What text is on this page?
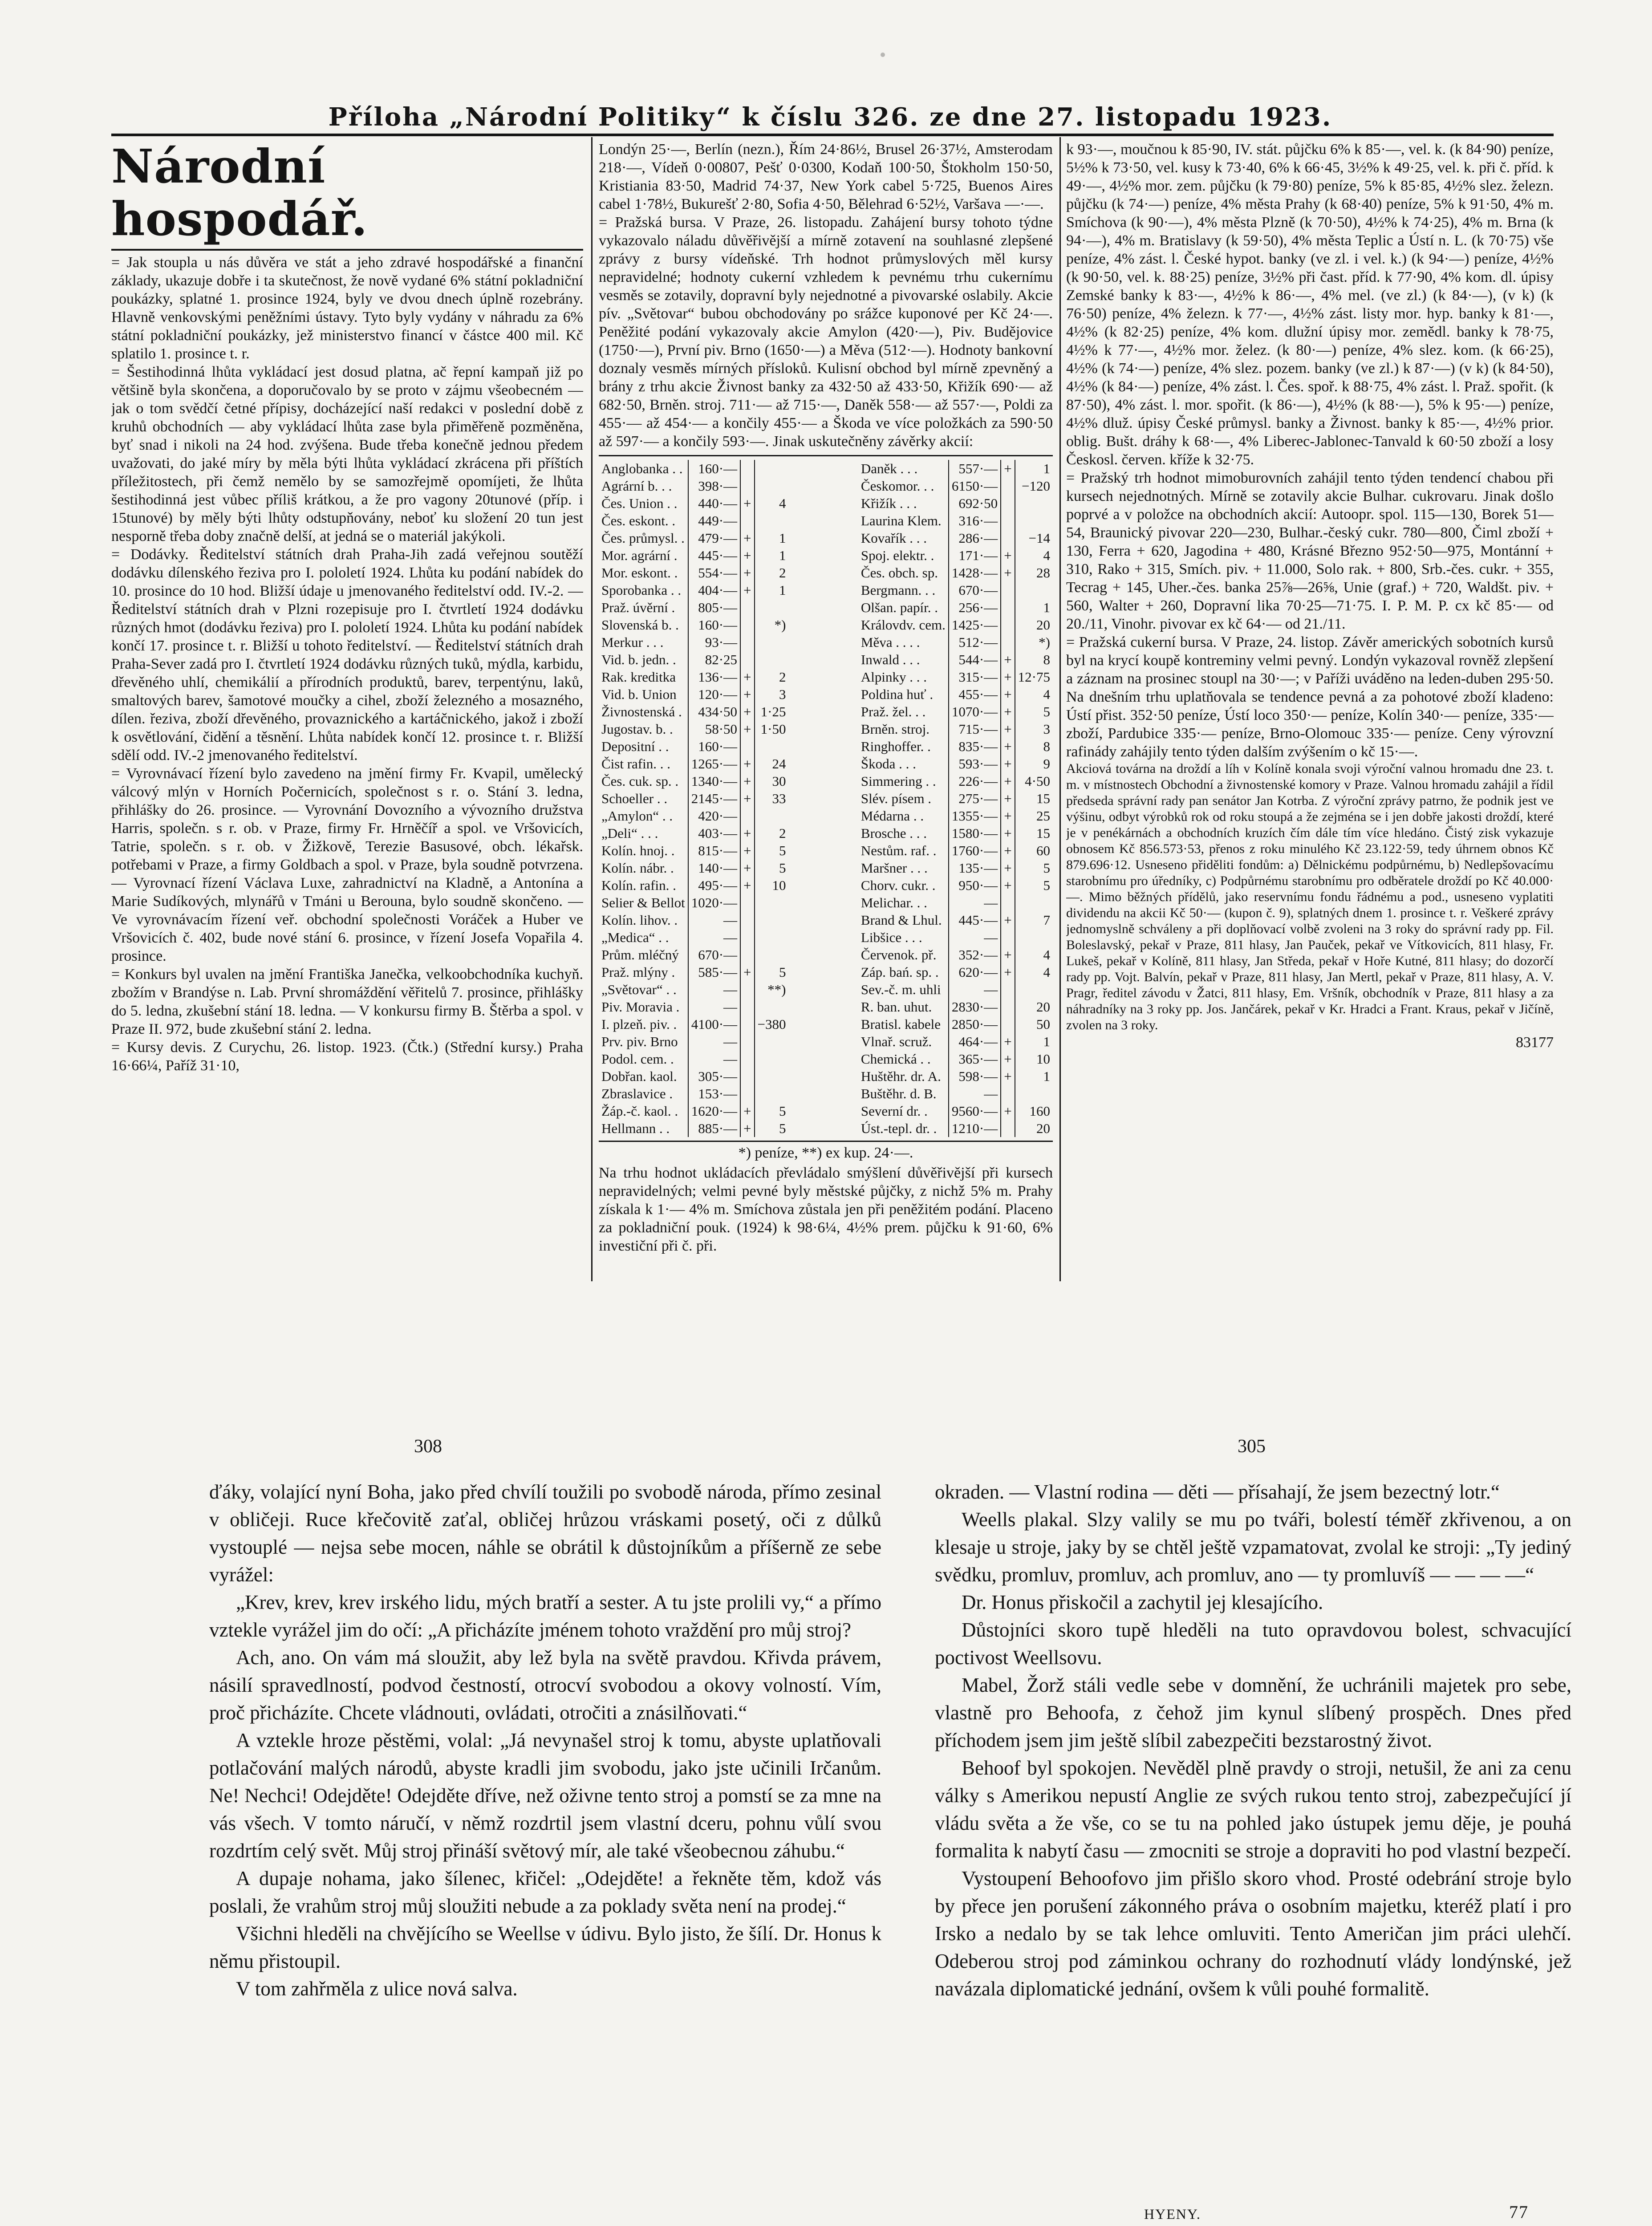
Příloha „Národní Politiky“ k číslu 326. ze dne 27. listopadu 1923.
Národní hospodář.

= Jak stoupla u nás důvěra ve stát a jeho zdravé hospodářské a finanční základy, ukazuje dobře i ta skutečnost, že nově vydané 6% státní pokladniční poukázky, splatné 1. prosince 1924, byly ve dvou dnech úplně rozebrány. Hlavně venkovskými peněžními ústavy. Tyto byly vydány v náhradu za 6% státní pokladniční poukázky, jež ministerstvo financí v částce 400 mil. Kč splatilo 1. prosince t. r.

= Šestihodinná lhůta vykládací jest dosud platna, ač řepní kampaň již po většině byla skončena, a doporučovalo by se proto v zájmu všeobecném — jak o tom svědčí četné přípisy, docházející naší redakci v poslední době z kruhů obchodních — aby vykládací lhůta zase byla přiměřeně pozměněna, byť snad i nikoli na 24 hod. zvýšena. Bude třeba konečně jednou předem uvažovati, do jaké míry by měla býti lhůta vykládací zkrácena při příštích příležitostech, při čemž nemělo by se samozřejmě opomíjeti, že lhůta šestihodinná jest vůbec příliš krátkou, a že pro vagony 20tunové (příp. i 15tunové) by měly býti lhůty odstupňovány, neboť ku složení 20 tun jest nesporně třeba doby značně delší, at jedná se o materiál jakýkoli.

= Dodávky. Ředitelství státních drah Praha-Jih zadá veřejnou soutěží dodávku dílenského řeziva pro I. pololetí 1924. Lhůta ku podání nabídek do 10. prosince do 10 hod. Bližší údaje u jmenovaného ředitelství odd. IV.-2. — Ředitelství státních drah v Plzni rozepisuje pro I. čtvrtletí 1924 dodávku různých hmot (dodávku řeziva) pro I. pololetí 1924. Lhůta ku podání nabídek končí 17. prosince t. r. Bližší u tohoto ředitelství. — Ředitelství státních drah Praha-Sever zadá pro I. čtvrtletí 1924 dodávku různých tuků, mýdla, karbidu, dřevěného uhlí, chemikálií a přírodních produktů, barev, terpentýnu, laků, smaltových barev, šamotové moučky a cihel, zboží železného a mosazného, dílen. řeziva, zboží dřevěného, provaznického a kartáčnického, jakož i zboží k osvětlování, čidění a těsnění. Lhůta nabídek končí 12. prosince t. r. Bližší sdělí odd. IV.-2 jmenovaného ředitelství.

= Vyrovnávací řízení bylo zavedeno na jmění firmy Fr. Kvapil, umělecký válcový mlýn v Horních Počernicích, společnost s r. o. Stání 3. ledna, přihlášky do 26. prosince. — Vyrovnání Dovozního a vývozního družstva Harris, společn. s r. ob. v Praze, firmy Fr. Hrněčíř a spol. ve Vršovicích, Tatrie, společn. s r. ob. v Žižkově, Terezie Basusové, obch. lékařsk. potřebami v Praze, a firmy Goldbach a spol. v Praze, byla soudně potvrzena. — Vyrovnací řízení Václava Luxe, zahradnictví na Kladně, a Antonína a Marie Sudíkových, mlynářů v Tmáni u Berouna, bylo soudně skončeno. — Ve vyrovnávacím řízení veř. obchodní společnosti Voráček a Huber ve Vršovicích č. 402, bude nové stání 6. prosince, v řízení Josefa Vopařila 4. prosince.

= Konkurs byl uvalen na jmění Františka Janečka, velkoobchodníka kuchyň. zbožím v Brandýse n. Lab. První shromáždění věřitelů 7. prosince, přihlášky do 5. ledna, zkušební stání 18. ledna. — V konkursu firmy B. Štěrba a spol. v Praze II. 972, bude zkušební stání 2. ledna.

= Kursy devis. Z Curychu, 26. listop. 1923. (Čtk.) (Střední kursy.) Praha 16·66¼, Paříž 31·10,

Londýn 25·—, Berlín (nezn.), Řím 24·86½, Brusel 26·37½, Amsterodam 218·—, Vídeň 0·00807, Pešť 0·0300, Kodaň 100·50, Štokholm 150·50, Kristiania 83·50, Madrid 74·37, New York cabel 5·725, Buenos Aires cabel 1·78½, Bukurešť 2·80, Sofia 4·50, Bělehrad 6·52½, Varšava —·—.

= Pražská bursa. V Praze, 26. listopadu. Zahájení bursy tohoto týdne vykazovalo náladu důvěřivější a mírně zotavení na souhlasné zlepšené zprávy z bursy vídeňské. Trh hodnot průmyslových měl kursy nepravidelné; hodnoty cukerní vzhledem k pevnému trhu cukernímu vesměs se zotavily, dopravní byly nejednotné a pivovarské oslabily. Akcie pív. „Světovar“ bubou obchodovány po srážce kuponové per Kč 24·—. Peněžité podání vykazovaly akcie Amylon (420·—), Piv. Budějovice (1750·—), První piv. Brno (1650·—) a Měva (512·—). Hodnoty bankovní doznaly vesměs mírných přísloků. Kulisní obchod byl mírně zpevněný a brány z trhu akcie Živnost banky za 432·50 až 433·50, Křižík 690·— až 682·50, Brněn. stroj. 711·— až 715·—, Daněk 558·— až 557·—, Poldi za 455·— až 454·— a končily 455·— a Škoda ve více položkách za 590·50 až 597·— a končily 593·—. Jinak uskutečněny závěrky akcií:

Anglobanka . .	160·—		
Agrární b. . .	398·—		
Čes. Union . .	440·—	+	4
Čes. eskont. .	449·—		
Čes. průmysl. .	479·—	+	1
Mor. agrární .	445·—	+	1
Mor. eskont. .	554·—	+	2
Sporobanka . .	404·—	+	1
Praž. úvěrní .	805·—		
Slovenská b. .	160·—		*)
Merkur . . .	93·—		
Vid. b. jedn. .	82·25		
Rak. kreditka	136·—	+	2
Vid. b. Union	120·—	+	3
Živnostenská .	434·50	+	1·25
Jugostav. b. .	58·50	+	1·50
Depositní . .	160·—		
Čist rafin. . .	1265·—	+	24
Čes. cuk. sp. .	1340·—	+	30
Schoeller . .	2145·—	+	33
„Amylon“ . .	420·—		
„Deli“ . . .	403·—	+	2
Kolín. hnoj. .	815·—	+	5
Kolín. nábr. .	140·—	+	5
Kolín. rafin. .	495·—	+	10
Selier & Bellot	1020·—		
Kolín. lihov. .	—		
„Medica“ . .	—		
Prům. mléčný	670·—		
Praž. mlýny .	585·—	+	5
„Světovar“ . .	—		**)
Piv. Moravia .	—		
I. plzeň. piv. .	4100·—		−380
Prv. piv. Brno	—		
Podol. cem. .	—		
Dobřan. kaol.	305·—		
Zbraslavice .	153·—		
Žáp.-č. kaol. .	1620·—	+	5
Hellmann . .	885·—	+	5
Daněk . . .	557·—	+	1
Českomor. . .	6150·—		−120
Křižík . . .	692·50		
Laurina Klem.	316·—		
Kovařík . . .	286·—		−14
Spoj. elektr. .	171·—	+	4
Čes. obch. sp.	1428·—	+	28
Bergmann. . .	670·—		
Olšan. papír. .	256·—		1
Královdv. cem.	1425·—		20
Měva . . . .	512·—		*)
Inwald . . .	544·—	+	8
Alpinky . . .	315·—	+	12·75
Poldina huť .	455·—	+	4
Praž. žel. . .	1070·—	+	5
Brněn. stroj.	715·—	+	3
Ringhoffer. .	835·—	+	8
Škoda . . .	593·—	+	9
Simmering . .	226·—	+	4·50
Slév. písem .	275·—	+	15
Médarna . .	1355·—	+	25
Brosche . . .	1580·—	+	15
Nestům. raf. .	1760·—	+	60
Maršner . . .	135·—	+	5
Chorv. cukr. .	950·—	+	5
Melichar. . .	—		
Brand & Lhul.	445·—	+	7
Libšice . . .	—		
Červenok. př.	352·—	+	4
Záp. bań. sp. .	620·—	+	4
Sev.-č. m. uhli	—		
R. ban. uhut.	2830·—		20
Bratisl. kabele	2850·—		50
Vlnař. scruž.	464·—	+	1
Chemická . .	365·—	+	10
Huštěhr. dr. A.	598·—	+	1
Buštěhr. d. B.	—		
Severní dr. .	9560·—	+	160
Úst.-tepl. dr. .	1210·—		20

*) peníze, **) ex kup. 24·—.

Na trhu hodnot ukládacích převládalo smýšlení důvěřivější při kursech nepravidelných; velmi pevné byly městské půjčky, z nichž 5% m. Prahy získala k 1·— 4% m. Smíchova zůstala jen při peněžitém podání. Placeno za pokladniční pouk. (1924) k 98·6¼, 4½% prem. půjčku k 91·60, 6% investiční při č. při.

k 93·—, moučnou k 85·90, IV. stát. půjčku 6% k 85·—, vel. k. (k 84·90) peníze, 5½% k 73·50, vel. kusy k 73·40, 6% k 66·45, 3½% k 49·25, vel. k. při č. příd. k 49·—, 4½% mor. zem. půjčku (k 79·80) peníze, 5% k 85·85, 4½% slez. železn. půjčku (k 74·—) peníze, 4% města Prahy (k 68·40) peníze, 5% k 91·50, 4% m. Smíchova (k 90·—), 4% města Plzně (k 70·50), 4½% k 74·25), 4% m. Brna (k 94·—), 4% m. Bratislavy (k 59·50), 4% města Teplic a Ústí n. L. (k 70·75) vše peníze, 4% zást. l. České hypot. banky (ve zl. i vel. k.) (k 94·—) peníze, 4½% (k 90·50, vel. k. 88·25) peníze, 3½% při čast. příd. k 77·90, 4% kom. dl. úpisy Zemské banky k 83·—, 4½% k 86·—, 4% mel. (ve zl.) (k 84·—), (v k) (k 76·50) peníze, 4% železn. k 77·—, 4½% zást. listy mor. hyp. banky k 81·—, 4½% (k 82·25) peníze, 4% kom. dlužní úpisy mor. zemědl. banky k 78·75, 4½% k 77·—, 4½% mor. želez. (k 80·—) peníze, 4% slez. kom. (k 66·25), 4½% (k 74·—) peníze, 4% slez. pozem. banky (ve zl.) k 87·—) (v k) (k 84·50), 4½% (k 84·—) peníze, 4% zást. l. Čes. spoř. k 88·75, 4% zást. l. Praž. spořit. (k 87·50), 4% zást. l. mor. spořit. (k 86·—), 4½% (k 88·—), 5% k 95·—) peníze, 4½% dluž. úpisy České průmysl. banky a Živnost. banky k 85·—, 4½% prior. oblig. Bušt. dráhy k 68·—, 4% Liberec-Jablonec-Tanvald k 60·50 zboží a losy Českosl. červen. kříže k 32·75.

= Pražský trh hodnot mimoburovních zahájil tento týden tendencí chabou při kursech nejednotných. Mírně se zotavily akcie Bulhar. cukrovaru. Jinak došlo poprvé a v položce na obchodních akcií: Autoopr. spol. 115—130, Borek 51—54, Braunický pivovar 220—230, Bulhar.-český cukr. 780—800, Čiml zboží + 130, Ferra + 620, Jagodina + 480, Krásné Březno 952·50—975, Montánní + 310, Rako + 315, Smích. piv. + 11.000, Solo rak. + 800, Srb.-čes. cukr. + 355, Tecrag + 145, Uher.-čes. banka 25⅞—26⅝, Unie (graf.) + 720, Waldšt. piv. + 560, Walter + 260, Dopravní lika 70·25—71·75. I. P. M. P. cx kč 85·— od 20./11, Vinohr. pivovar ex kč 64·— od 21./11.

= Pražská cukerní bursa. V Praze, 24. listop. Závěr amerických sobotních kursů byl na krycí koupě kontreminy velmi pevný. Londýn vykazoval rovněž zlepšení a záznam na prosinec stoupl na 30·—; v Paříži uváděno na leden-duben 295·50. Na dnešním trhu uplatňovala se tendence pevná a za pohotové zboží kladeno: Ústí přist. 352·50 peníze, Ústí loco 350·— peníze, Kolín 340·— peníze, 335·— zboží, Pardubice 335·— peníze, Brno-Olomouc 335·— peníze. Ceny výrovzní rafinády zahájily tento týden dalším zvýšením o kč 15·—.

Akciová továrna na droždí a líh v Kolíně konala svoji výroční valnou hromadu dne 23. t. m. v místnostech Obchodní a živnostenské komory v Praze. Valnou hromadu zahájil a řídil předseda správní rady pan senátor Jan Kotrba. Z výroční zprávy patrno, že podnik jest ve výšinu, odbyt výrobků rok od roku stoupá a že zejména se i jen dobře jakosti droždí, které je v penékárnách a obchodních kruzích čím dále tím více hledáno. Čistý zisk vykazuje obnosem Kč 856.573·53, přenos z roku minulého Kč 23.122·59, tedy úhrnem obnos Kč 879.696·12. Usneseno přiděliti fondům: a) Dělnickému podpůrnému, b) Nedlepšovacímu starobnímu pro úředníky, c) Podpůrnému starobnímu pro odběratele droždí po Kč 40.000·—. Mimo běžných přídělů, jako reservnímu fondu řádnému a pod., usneseno vyplatiti dividendu na akcii Kč 50·— (kupon č. 9), splatných dnem 1. prosince t. r. Veškeré zprávy jednomyslně schváleny a při doplňovací volbě zvoleni na 3 roky do správní rady pp. Fil. Boleslavský, pekař v Praze, 811 hlasy, Jan Pauček, pekař ve Vítkovicích, 811 hlasy, Fr. Lukeš, pekař v Kolíně, 811 hlasy, Jan Středa, pekař v Hoře Kutné, 811 hlasy; do dozorčí rady pp. Vojt. Balvín, pekař v Praze, 811 hlasy, Jan Mertl, pekař v Praze, 811 hlasy, A. V. Pragr, ředitel závodu v Žatci, 811 hlasy, Em. Vršník, obchodník v Praze, 811 hlasy a za náhradníky na 3 roky pp. Jos. Jančárek, pekař v Kr. Hradci a Frant. Kraus, pekař v Jičíně, zvolen na 3 roky.

83177
308	305

ďáky, volající nyní Boha, jako před chvílí toužili po svobodě národa, přímo zesinal v obličeji. Ruce křečovitě zaťal, obličej hrůzou vráskami posetý, oči z důlků vystouplé — nejsa sebe mocen, náhle se obrátil k důstojníkům a příšerně ze sebe vyrážel:

„Krev, krev, krev irského lidu, mých bratří a sester. A tu jste prolili vy,“ a přímo vztekle vyrážel jim do očí: „A přicházíte jménem tohoto vraždění pro můj stroj?

Ach, ano. On vám má sloužit, aby lež byla na světě pravdou. Křivda právem, násilí spravedlností, podvod čestností, otrocví svobodou a okovy volností. Vím, proč přicházíte. Chcete vládnouti, ovládati, otročiti a znásilňovati.“

A vztekle hroze pěstěmi, volal: „Já nevynašel stroj k tomu, abyste uplatňovali potlačování malých národů, abyste kradli jim svobodu, jako jste učinili Irčanům. Ne! Nechci! Odejděte! Odejděte dříve, než oživne tento stroj a pomstí se za mne na vás všech. V tomto náručí, v němž rozdrtil jsem vlastní dceru, pohnu vůlí svou rozdrtím celý svět. Můj stroj přináší světový mír, ale také všeobecnou záhubu.“

A dupaje nohama, jako šílenec, křičel: „Odejděte! a řekněte těm, kdož vás poslali, že vrahům stroj můj sloužiti nebude a za poklady světa není na prodej.“

Všichni hleděli na chvějícího se Weellse v údivu. Bylo jisto, že šílí. Dr. Honus k němu přistoupil.

V tom zahřměla z ulice nová salva.

okraden. — Vlastní rodina — děti — přísahají, že jsem bezectný lotr.“

Weells plakal. Slzy valily se mu po tváři, bolestí téměř zkřivenou, a on klesaje u stroje, jaky by se chtěl ještě vzpamatovat, zvolal ke stroji: „Ty jediný svědku, promluv, promluv, ach promluv, ano — ty promluvíš — — — —“

Dr. Honus přiskočil a zachytil jej klesajícího.

Důstojníci skoro tupě hleděli na tuto opravdovou bolest, schvacující poctivost Weellsovu.

Mabel, Žorž stáli vedle sebe v domnění, že uchránili majetek pro sebe, vlastně pro Behoofa, z čehož jim kynul slíbený prospěch. Dnes před příchodem jsem jim ještě slíbil zabezpečiti bezstarostný život.

Behoof byl spokojen. Nevěděl plně pravdy o stroji, netušil, že ani za cenu války s Amerikou nepustí Anglie ze svých rukou tento stroj, zabezpečující jí vládu světa a že vše, co se tu na pohled jako ústupek jemu děje, je pouhá formalita k nabytí času — zmocniti se stroje a dopraviti ho pod vlastní bezpečí.

Vystoupení Behoofovo jim přišlo skoro vhod. Prosté odebrání stroje bylo by přece jen porušení zákonného práva o osobním majetku, kteréž platí i pro Irsko a nedalo by se tak lehce omluviti. Tento Američan jim práci ulehčí. Odeberou stroj pod záminkou ochrany do rozhodnutí vlády londýnské, jež navázala diplomatické jednání, ovšem k vůli pouhé formalitě.

HYENY.	77
